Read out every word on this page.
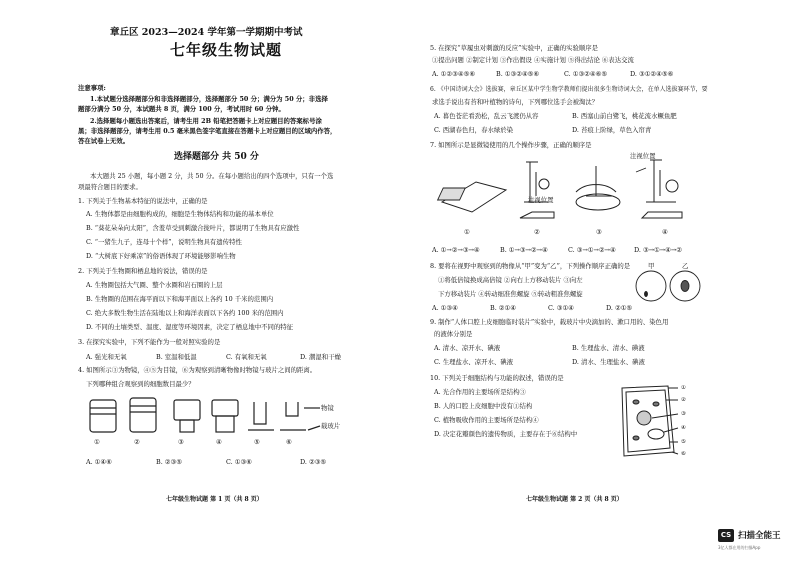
章丘区 2023—2024 学年第一学期期中考试
七年级生物试题
注意事项:
1.本试题分选择题部分和非选择题部分，选择题部分 50 分；满分为 50 分；非选择
题部分满分 50 分，本试题共 8 页，满分 100 分，考试用时 60 分钟。
2.选择题每小题选出答案后，请考生用 2B 铅笔把答题卡上对应题目的答案标号涂
黑；非选择题部分，请考生用 0.5 毫米黑色签字笔直接在答题卡上对应题目的区域内作答，
答在试卷上无效。
选择题部分 共 50 分
本大题共 25 小题，每小题 2 分，共 50 分。在每小题给出的四个选项中，只有一个选
项最符合题目的要求。
1. 下列关于生物基本特征的说法中，正确的是
A. 生物体都是由细胞构成的，细胞是生物体结构和功能的基本单位
B. “葵花朵朵向太阳”，含羞草受到刺激合拢叶片，都说明了生物具有应激性
C. “一猪生九子，连母十个样”，说明生物具有遗传特性
D. “大树底下好乘凉”的俗语体现了环境能够影响生物
2. 下列关于生物圈和栖息地的说法，错误的是
A. 生物圈包括大气圈、整个水圈和岩石圈的上层
B. 生物圈的范围在海平面以下和海平面以上各约 10 千米的范围内
C. 绝大多数生物生活在陆地以上和海洋表面以下各约 100 米的范围内
D. 不同的土壤类型、温度、湿度等环境因素，决定了栖息地中不同的特征
3. 在探究实验中，下列不能作为一般对照实验的是
A. 强光和无氧	B. 室温和低温	C. 有氧和无氧	D. 潮湿和干燥
4. 如图所示③为物镜，④⑤为目镜，⑥为观察到清晰物像时物镜与玻片之间的距离。
下列哪种组合观察到的细胞数目最少？
物镜
载玻片
①	②	③	④	⑤	⑥
A. ①④⑥	B. ②③⑤	C. ①③⑥	D. ②③⑤
七年级生物试题 第 1 页（共 8 页）
5. 在探究“草履虫对刺激的反应”实验中，正确的实验顺序是
①提出问题 ②制定计划 ③作出假设 ④实施计划 ⑤得出结论 ⑥表达交流
A. ①②③④⑤⑥	B. ①③②④⑤⑥	C. ①③②④⑥⑤	D. ③①②④⑤⑥
6. 《中国诗词大会》选拔赛，章丘区某中学生物学教师们提出很多生物诗词大会，在单人选拔赛环节，要
求选手说出有苔和叶植物的诗句，下列哪位选手会被淘汰？
A. 暮色苍茫看劲松，乱云飞渡仍从容	B. 西塞山前白鹭飞，桃花流水鳜鱼肥
C. 西湖春色归，春水绿於染	D. 苔痕上阶绿，草色入帘青
7. 如图所示是显微镜使用的几个操作步骤，正确的顺序是
注视位置
注视位置
①	②	③	④
A. ①→②→③→④	B. ①→③→②→④	C. ③→①→②→④	D. ③→①→④→②
8. 要将在视野中观察到的物像从“甲”变为“乙”，下列操作顺序正确的是
①将低倍镜换成高倍镜 ②向右上方移动装片 ③向左
下方移动装片 ④转动细准焦螺旋 ⑤转动粗准焦螺旋
甲	乙
A. ①③④	B. ②①④	C. ③①④	D. ②①⑤
9. 制作“人体口腔上皮细胞临时装片”实验中，载玻片中央滴加的、漱口用的、染色用
的液体分别是
A. 清水、凉开水、碘液	B. 生理盐水、清水、碘液
C. 生理盐水、凉开水、碘液	D. 清水、生理盐水、碘液
10. 下列关于细胞结构与功能的叙述，错误的是
A. 光合作用的主要场所是结构③
B. 人的口腔上皮细胞中没有①结构
C. 植物吸收作用的主要场所是结构④
D. 决定花瓣颜色的遗传物质，主要存在于⑥结构中
①
②
③
④
⑤
⑥
七年级生物试题 第 2 页（共 8 页）
CS 扫描全能王
3亿人都在用的扫描App
